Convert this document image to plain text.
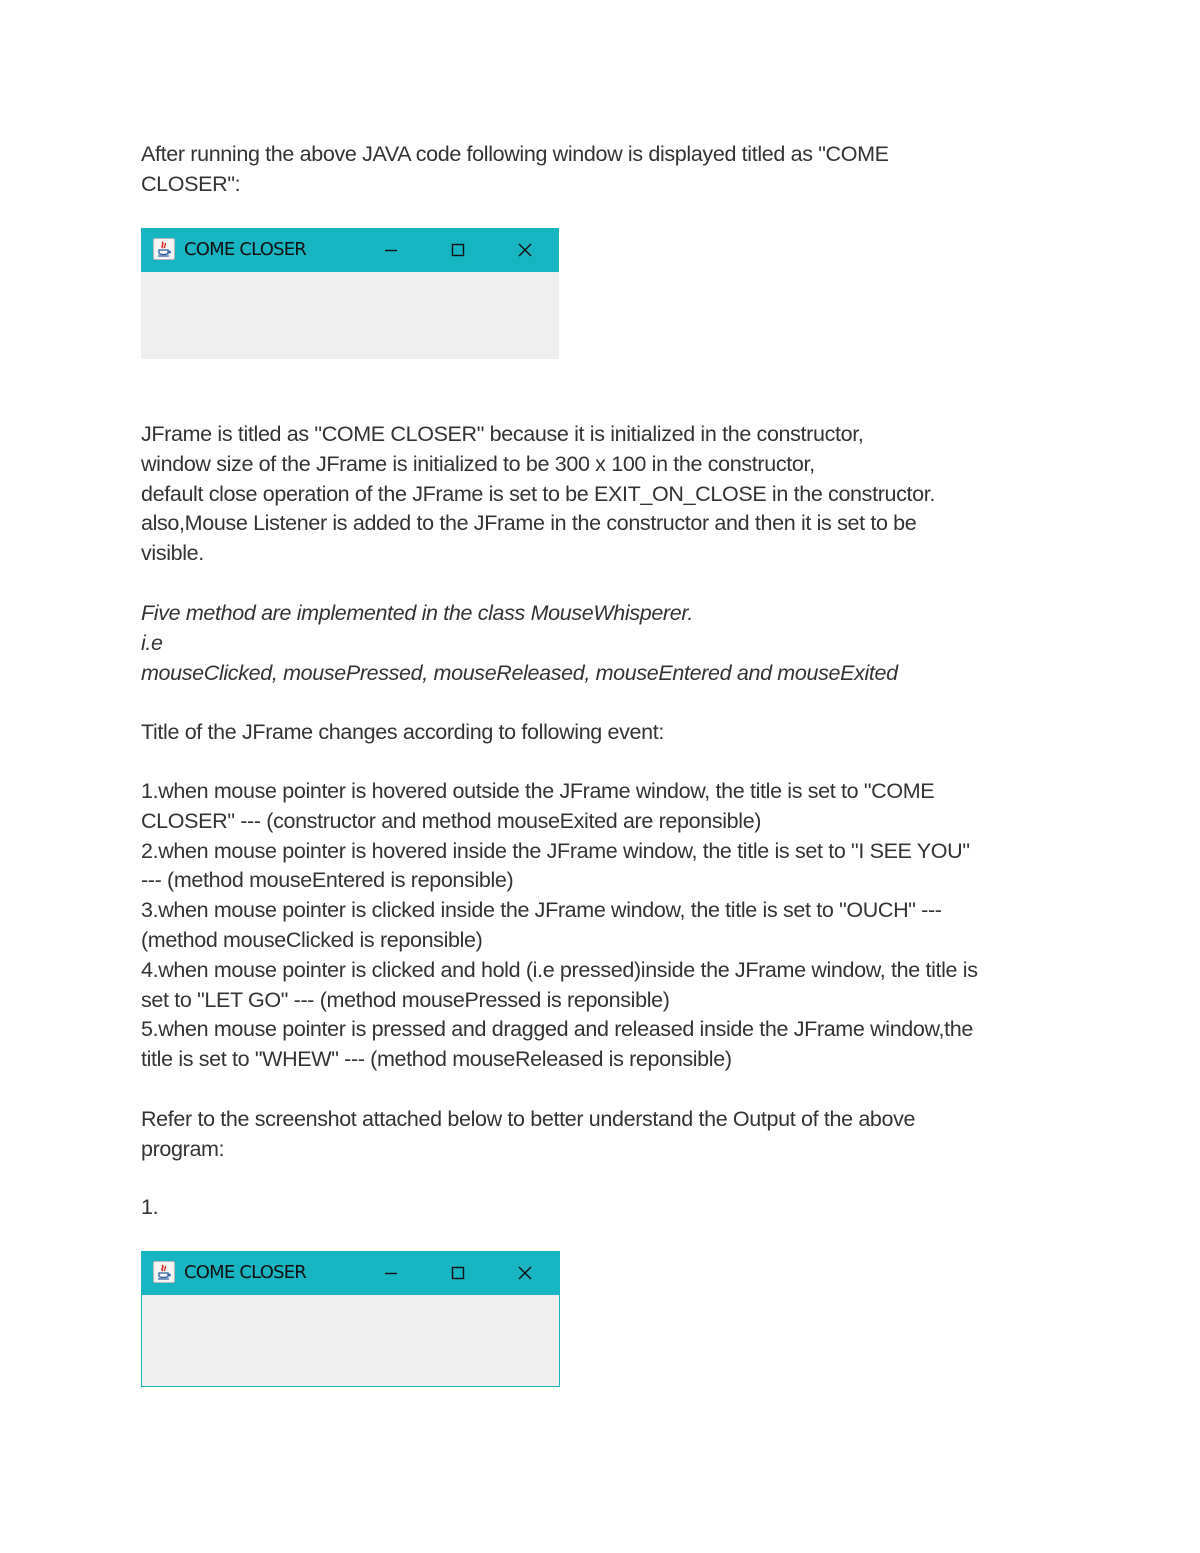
After running the above JAVA code following window is displayed titled as "COME
CLOSER":

COME CLOSER

JFrame is titled as "COME CLOSER" because it is initialized in the constructor,
window size of the JFrame is initialized to be 300 x 100 in the constructor,
default close operation of the JFrame is set to be EXIT_ON_CLOSE in the constructor.
also,Mouse Listener is added to the JFrame in the constructor and then it is set to be
visible.

Five method are implemented in the class MouseWhisperer.
i.e
mouseClicked, mousePressed, mouseReleased, mouseEntered and mouseExited

Title of the JFrame changes according to following event:

1.when mouse pointer is hovered outside the JFrame window, the title is set to "COME
CLOSER" --- (constructor and method mouseExited are reponsible)
2.when mouse pointer is hovered inside the JFrame window, the title is set to "I SEE YOU"
--- (method mouseEntered is reponsible)
3.when mouse pointer is clicked inside the JFrame window, the title is set to "OUCH" ---
(method mouseClicked is reponsible)
4.when mouse pointer is clicked and hold (i.e pressed)inside the JFrame window, the title is
set to "LET GO" --- (method mousePressed is reponsible)
5.when mouse pointer is pressed and dragged and released inside the JFrame window,the
title is set to "WHEW" --- (method mouseReleased is reponsible)

Refer to the screenshot attached below to better understand the Output of the above
program:

1.

COME CLOSER
